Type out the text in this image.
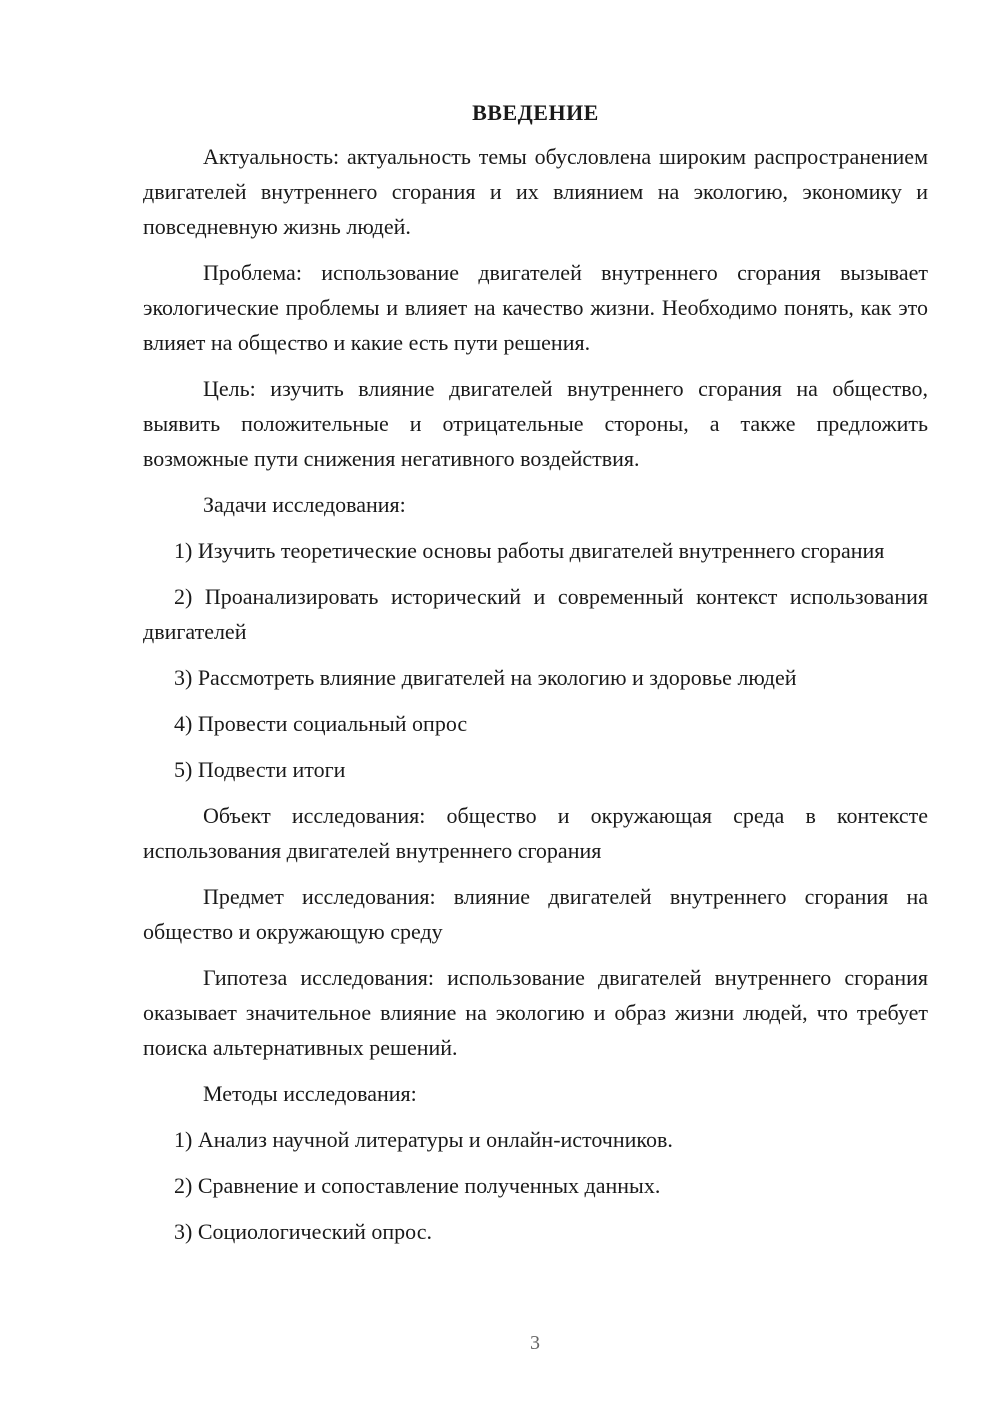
ВВЕДЕНИЕ

Актуальность: актуальность темы обусловлена широким распространением двигателей внутреннего сгорания и их влиянием на экологию, экономику и повседневную жизнь людей.

Проблема: использование двигателей внутреннего сгорания вызывает экологические проблемы и влияет на качество жизни. Необходимо понять, как это влияет на общество и какие есть пути решения.

Цель: изучить влияние двигателей внутреннего сгорания на общество, выявить положительные и отрицательные стороны, а также предложить возможные пути снижения негативного воздействия.

Задачи исследования:

1) Изучить теоретические основы работы двигателей внутреннего сгорания

2) Проанализировать исторический и современный контекст использования двигателей

3) Рассмотреть влияние двигателей на экологию и здоровье людей

4) Провести социальный опрос

5) Подвести итоги

Объект исследования: общество и окружающая среда в контексте использования двигателей внутреннего сгорания

Предмет исследования: влияние двигателей внутреннего сгорания на общество и окружающую среду

Гипотеза исследования: использование двигателей внутреннего сгорания оказывает значительное влияние на экологию и образ жизни людей, что требует поиска альтернативных решений.

Методы исследования:

1) Анализ научной литературы и онлайн-источников.

2) Сравнение и сопоставление полученных данных.

3) Социологический опрос.

3
